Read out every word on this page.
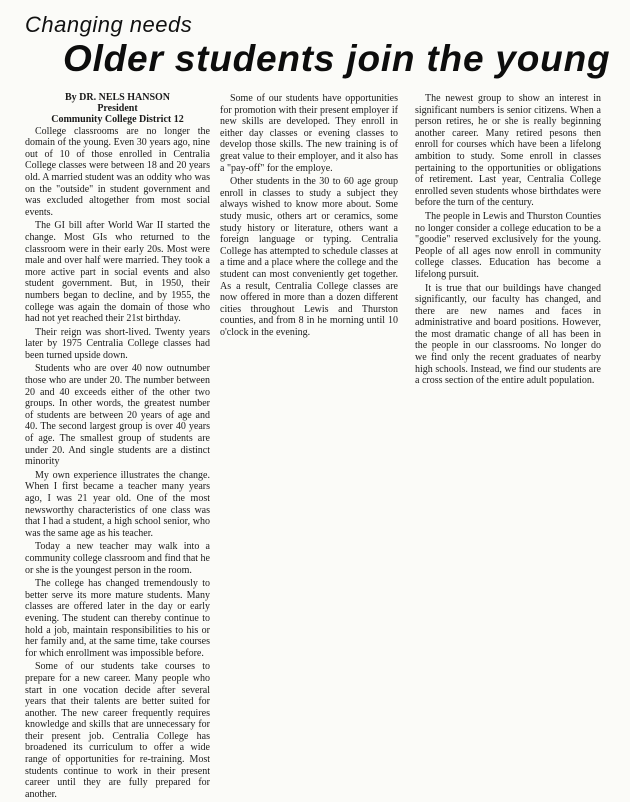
Changing needs
Older students join the young
By DR. NELS HANSON
President
Community College District 12

College classrooms are no longer the domain of the young. Even 30 years ago, nine out of 10 of those enrolled in Centralia College classes were between 18 and 20 years old. A married student was an oddity who was on the "outside" in student government and was excluded altogether from most social events.

The GI bill after World War II started the change. Most GIs who returned to the classroom were in their early 20s. Most were male and over half were married. They took a more active part in social events and also student government. But, in 1950, their numbers began to decline, and by 1955, the college was again the domain of those who had not yet reached their 21st birthday.

Their reign was short-lived. Twenty years later by 1975 Centralia College classes had been turned upside down.

Students who are over 40 now outnumber those who are under 20. The number between 20 and 40 exceeds either of the other two groups. In other words, the greatest number of students are between 20 years of age and 40. The second largest group is over 40 years of age. The smallest group of students are under 20. And single students are a distinct minority

My own experience illustrates the change. When I first became a teacher many years ago, I was 21 year old. One of the most newsworthy characteristics of one class was that I had a student, a high school senior, who was the same age as his teacher.

Today a new teacher may walk into a community college classroom and find that he or she is the youngest person in the room.

The college has changed tremendously to better serve its more mature students. Many classes are offered later in the day or early evening. The student can thereby continue to hold a job, maintain responsibilities to his or her family and, at the same time, take courses for which enrollment was impossible before.

Some of our students take courses to prepare for a new career. Many people who start in one vocation decide after several years that their talents are better suited for another. The new career frequently requires knowledge and skills that are unnecessary for their present job. Centralia College has broadened its curriculum to offer a wide range of opportunities for re-training. Most students continue to work in their present career until they are fully prepared for another.

Some of our students have opportunities for promotion with their present employer if new skills are developed. They enroll in either day classes or evening classes to develop those skills. The new training is of great value to their employer, and it also has a "pay-off" for the employe.

Other students in the 30 to 60 age group enroll in classes to study a subject they always wished to know more about. Some study music, others art or ceramics, some study history or literature, others want a foreign language or typing. Centralia College has attempted to schedule classes at a time and a place where the college and the student can most conveniently get together. As a result, Centralia College classes are now offered in more than a dozen different cities throughout Lewis and Thurston counties, and from 8 in he morning until 10 o'clock in the evening.

The newest group to show an interest in significant numbers is senior citizens. When a person retires, he or she is really beginning another career. Many retired pesons then enroll for courses which have been a lifelong ambition to study. Some enroll in classes pertaining to the opportunities or obligations of retirement. Last year, Centralia College enrolled seven students whose birthdates were before the turn of the century.

The people in Lewis and Thurston Counties no longer consider a college education to be a "goodie" reserved exclusively for the young. People of all ages now enroll in community college classes. Education has become a lifelong pursuit.

It is true that our buildings have changed significantly, our faculty has changed, and there are new names and faces in administrative and board positions. However, the most dramatic change of all has been in the people in our classrooms. No longer do we find only the recent graduates of nearby high schools. Instead, we find our students are a cross section of the entire adult population.
